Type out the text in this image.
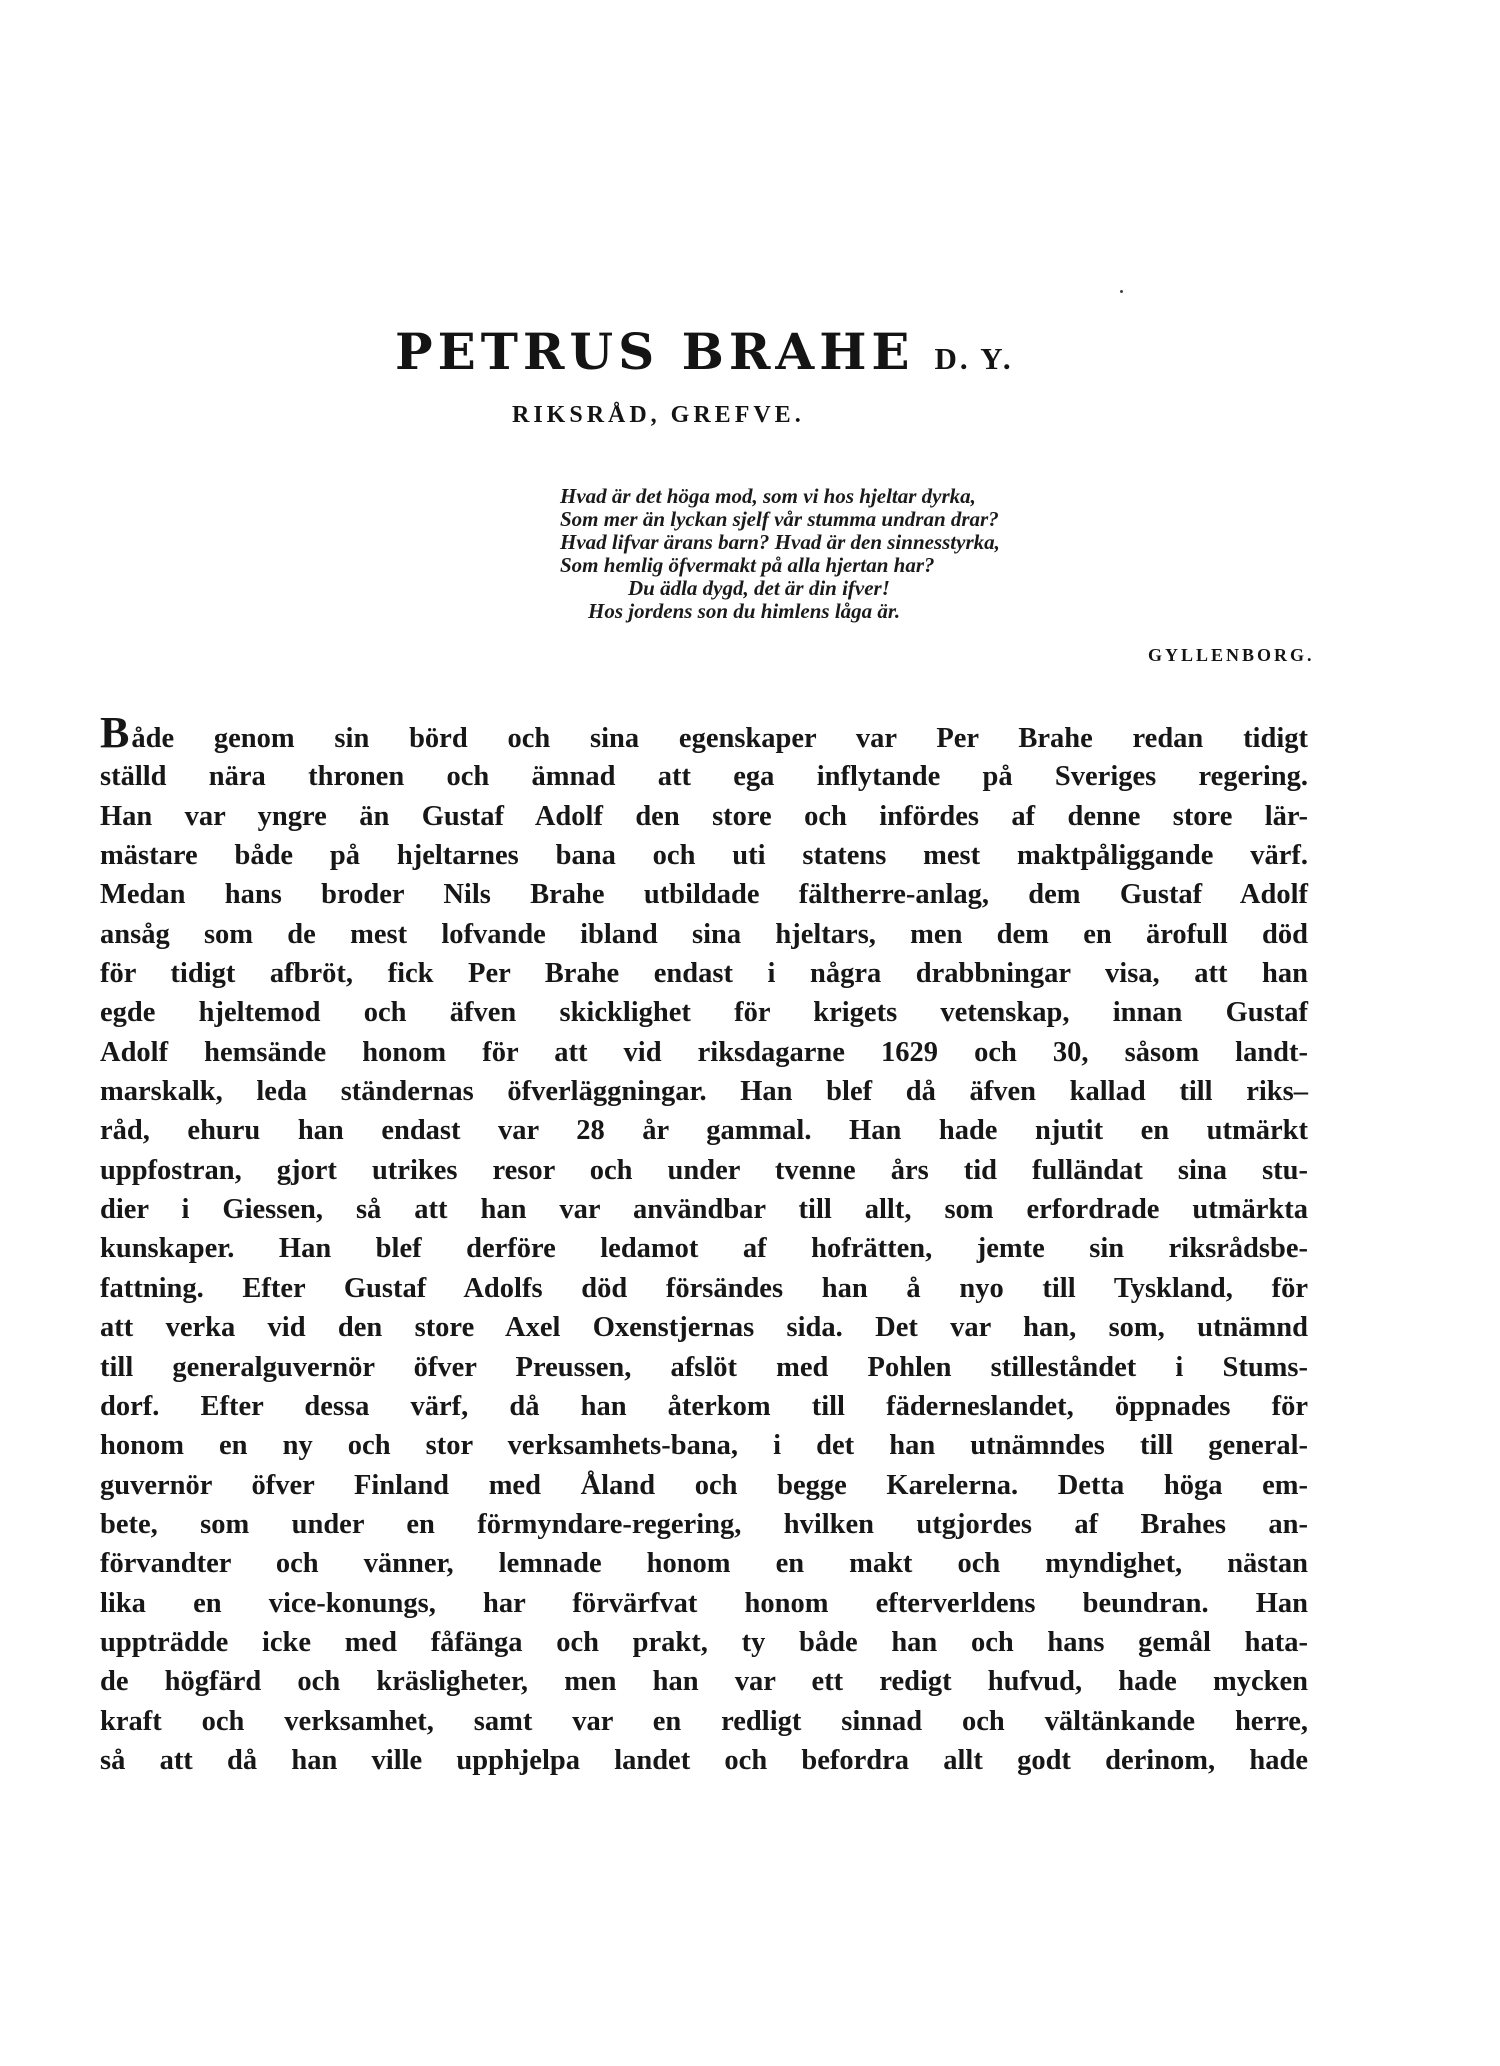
PETRUS BRAHE D. Y.
RIKSRÅD, GREFVE.
Hvad är det höga mod, som vi hos hjeltar dyrka,
Som mer än lyckan sjelf vår stumma undran drar?
Hvad lifvar ärans barn? Hvad är den sinnesstyrka,
Som hemlig öfvermakt på alla hjertan har?
Du ädla dygd, det är din ifver!
Hos jordens son du himlens låga är.
GYLLENBORG.
Både genom sin börd och sina egenskaper var Per Brahe redan tidigt
ställd nära thronen och ämnad att ega inflytande på Sveriges regering.
Han var yngre än Gustaf Adolf den store och infördes af denne store lär-
mästare både på hjeltarnes bana och uti statens mest maktpåliggande värf.
Medan hans broder Nils Brahe utbildade fältherre-anlag, dem Gustaf Adolf
ansåg som de mest lofvande ibland sina hjeltars, men dem en ärofull död
för tidigt afbröt, fick Per Brahe endast i några drabbningar visa, att han
egde hjeltemod och äfven skicklighet för krigets vetenskap, innan Gustaf
Adolf hemsände honom för att vid riksdagarne 1629 och 30, såsom landt-
marskalk, leda ständernas öfverläggningar. Han blef då äfven kallad till riks–
råd, ehuru han endast var 28 år gammal. Han hade njutit en utmärkt
uppfostran, gjort utrikes resor och under tvenne års tid fulländat sina stu-
dier i Giessen, så att han var användbar till allt, som erfordrade utmärkta
kunskaper. Han blef derföre ledamot af hofrätten, jemte sin riksrådsbe-
fattning. Efter Gustaf Adolfs död försändes han å nyo till Tyskland, för
att verka vid den store Axel Oxenstjernas sida. Det var han, som, utnämnd
till generalguvernör öfver Preussen, afslöt med Pohlen stilleståndet i Stums-
dorf. Efter dessa värf, då han återkom till fäderneslandet, öppnades för
honom en ny och stor verksamhets-bana, i det han utnämndes till general-
guvernör öfver Finland med Åland och begge Karelerna. Detta höga em-
bete, som under en förmyndare-regering, hvilken utgjordes af Brahes an-
förvandter och vänner, lemnade honom en makt och myndighet, nästan
lika en vice-konungs, har förvärfvat honom efterverldens beundran. Han
uppträdde icke med fåfänga och prakt, ty både han och hans gemål hata-
de högfärd och kräsligheter, men han var ett redigt hufvud, hade mycken
kraft och verksamhet, samt var en redligt sinnad och vältänkande herre,
så att då han ville upphjelpa landet och befordra allt godt derinom, hade
